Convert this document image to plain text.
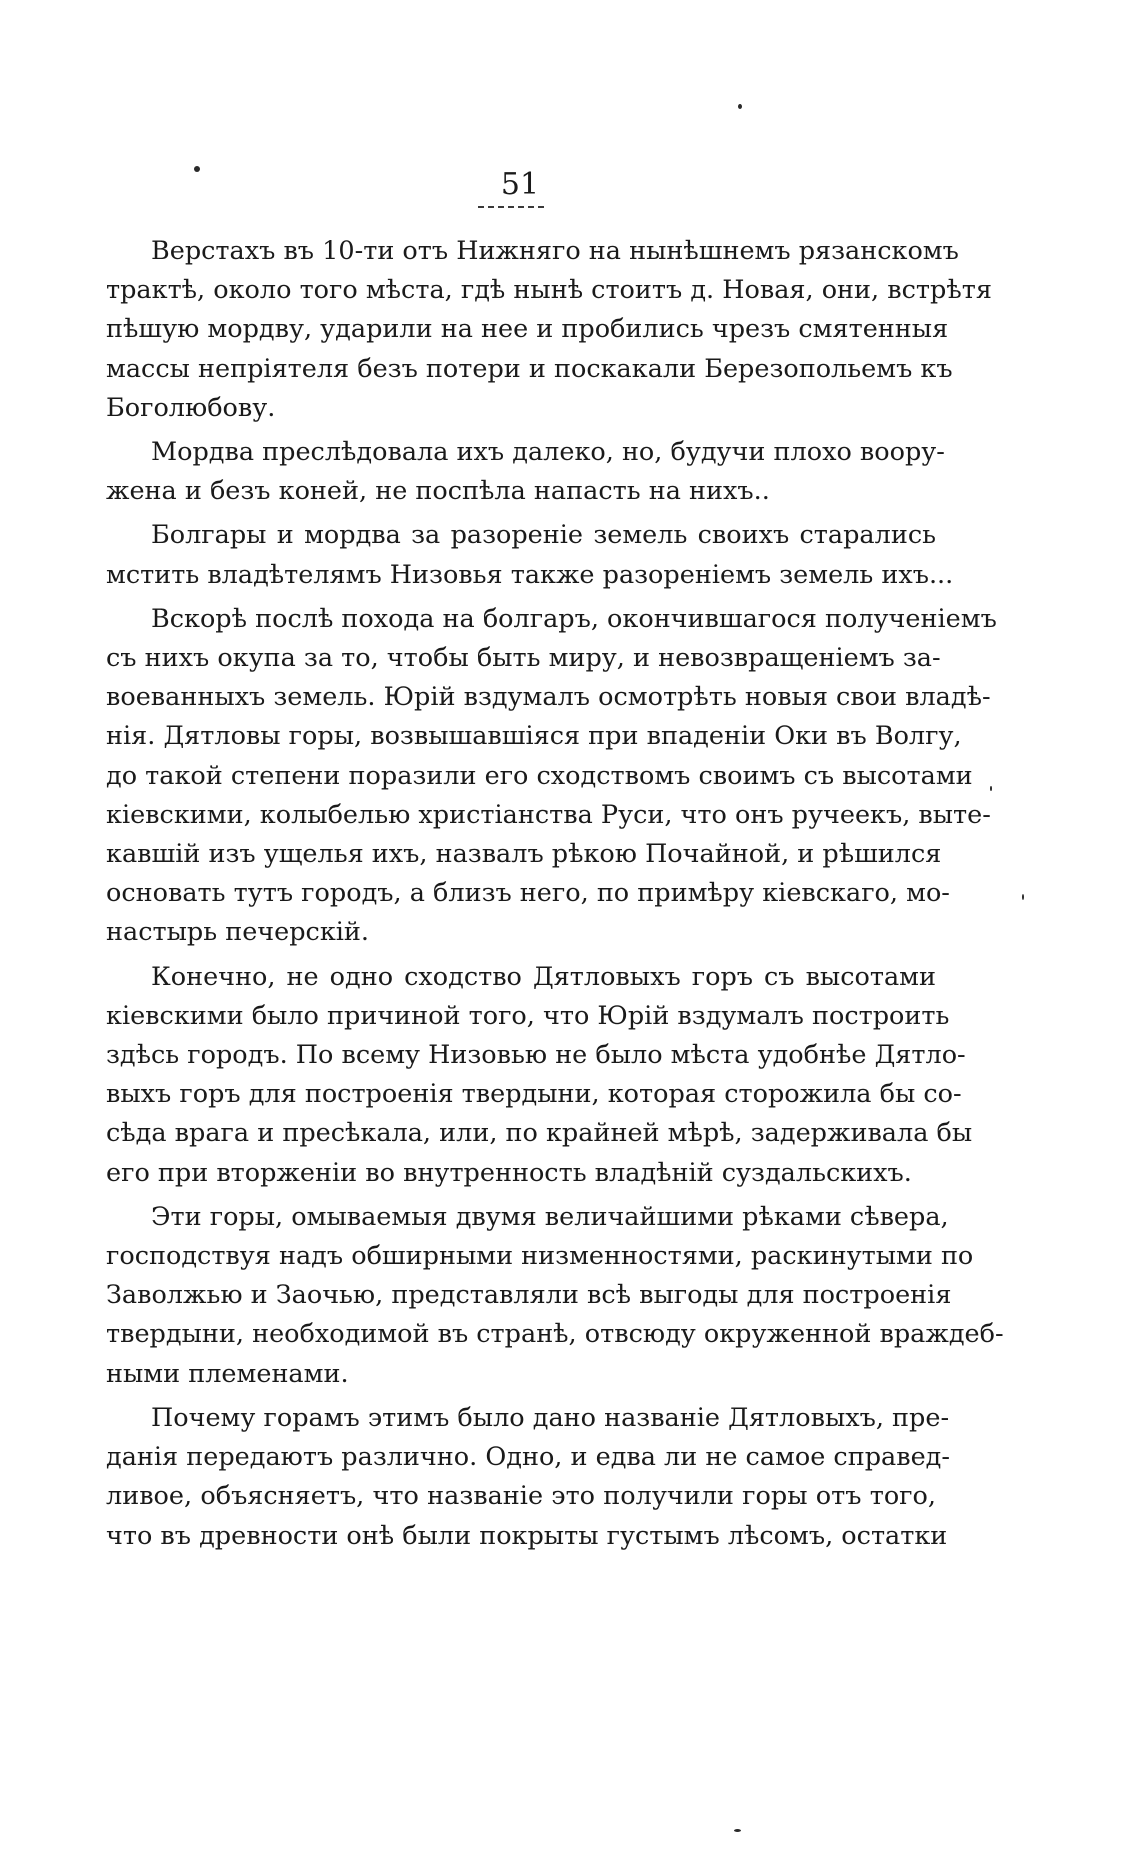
51
Верстахъ въ 10-ти отъ Нижняго на нынѣшнемъ рязанскомъ
трактѣ, около того мѣста, гдѣ нынѣ стоитъ д. Новая, они, встрѣтя
пѣшую мордву, ударили на нее и пробились чрезъ смятенныя
массы непріятеля безъ потери и поскакали Березопольемъ къ
Боголюбову.
Мордва преслѣдовала ихъ далеко, но, будучи плохо воору-
жена и безъ коней, не поспѣла напасть на нихъ..
Болгары и мордва за разореніе земель своихъ старались
мстить владѣтелямъ Низовья также разореніемъ земель ихъ...
Вскорѣ послѣ похода на болгаръ, окончившагося полученіемъ
съ нихъ окупа за то, чтобы быть миру, и невозвращеніемъ за-
воеванныхъ земель. Юрій вздумалъ осмотрѣть новыя свои владѣ-
нія. Дятловы горы, возвышавшіяся при впаденіи Оки въ Волгу,
до такой степени поразили его сходствомъ своимъ съ высотами
кіевскими, колыбелью христіанства Руси, что онъ ручеекъ, выте-
кавшій изъ ущелья ихъ, назвалъ рѣкою Почайной, и рѣшился
основать тутъ городъ, а близъ него, по примѣру кіевскаго, мо-
настырь печерскій.
Конечно, не одно сходство Дятловыхъ горъ съ высотами
кіевскими было причиной того, что Юрій вздумалъ построить
здѣсь городъ. По всему Низовью не было мѣста удобнѣе Дятло-
выхъ горъ для построенія твердыни, которая сторожила бы со-
сѣда врага и пресѣкала, или, по крайней мѣрѣ, задерживала бы
его при вторженіи во внутренность владѣній суздальскихъ.
Эти горы, омываемыя двумя величайшими рѣками сѣвера,
господствуя надъ обширными низменностями, раскинутыми по
Заволжью и Заочью, представляли всѣ выгоды для построенія
твердыни, необходимой въ странѣ, отвсюду окруженной враждеб-
ными племенами.
Почему горамъ этимъ было дано названіе Дятловыхъ, пре-
данія передаютъ различно. Одно, и едва ли не самое справед-
ливое, объясняетъ, что названіе это получили горы отъ того,
что въ древности онѣ были покрыты густымъ лѣсомъ, остатки
